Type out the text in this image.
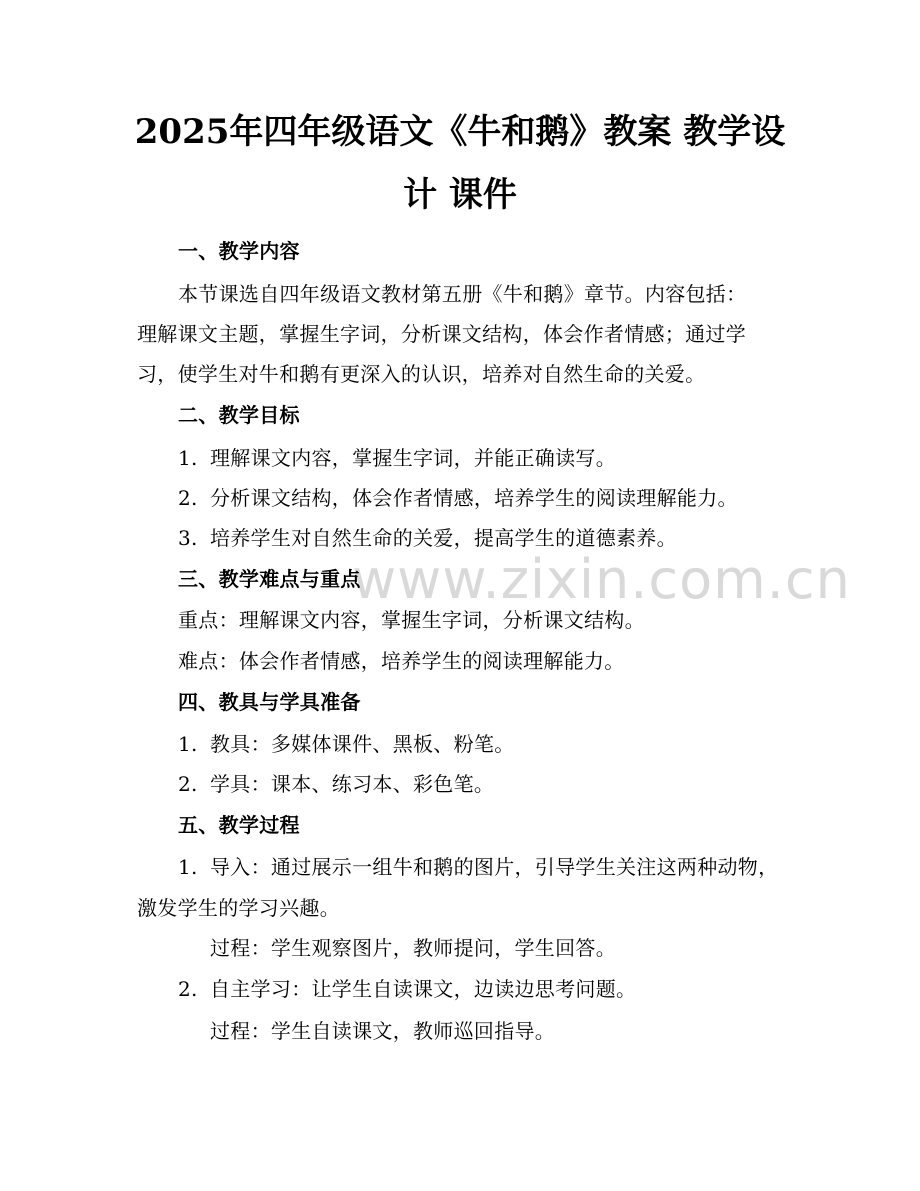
www.zixin.com.cn
2025年四年级语文《牛和鹅》教案 教学设
计 课件
一、教学内容
本节课选自四年级语文教材第五册《牛和鹅》章节。内容包括：
理解课文主题，掌握生字词，分析课文结构，体会作者情感；通过学
习，使学生对牛和鹅有更深入的认识，培养对自然生命的关爱。
二、教学目标
1. 理解课文内容，掌握生字词，并能正确读写。
2. 分析课文结构，体会作者情感，培养学生的阅读理解能力。
3. 培养学生对自然生命的关爱，提高学生的道德素养。
三、教学难点与重点
重点：理解课文内容，掌握生字词，分析课文结构。
难点：体会作者情感，培养学生的阅读理解能力。
四、教具与学具准备
1. 教具：多媒体课件、黑板、粉笔。
2. 学具：课本、练习本、彩色笔。
五、教学过程
1. 导入：通过展示一组牛和鹅的图片，引导学生关注这两种动物，
激发学生的学习兴趣。
过程：学生观察图片，教师提问，学生回答。
2. 自主学习：让学生自读课文，边读边思考问题。
过程：学生自读课文，教师巡回指导。
